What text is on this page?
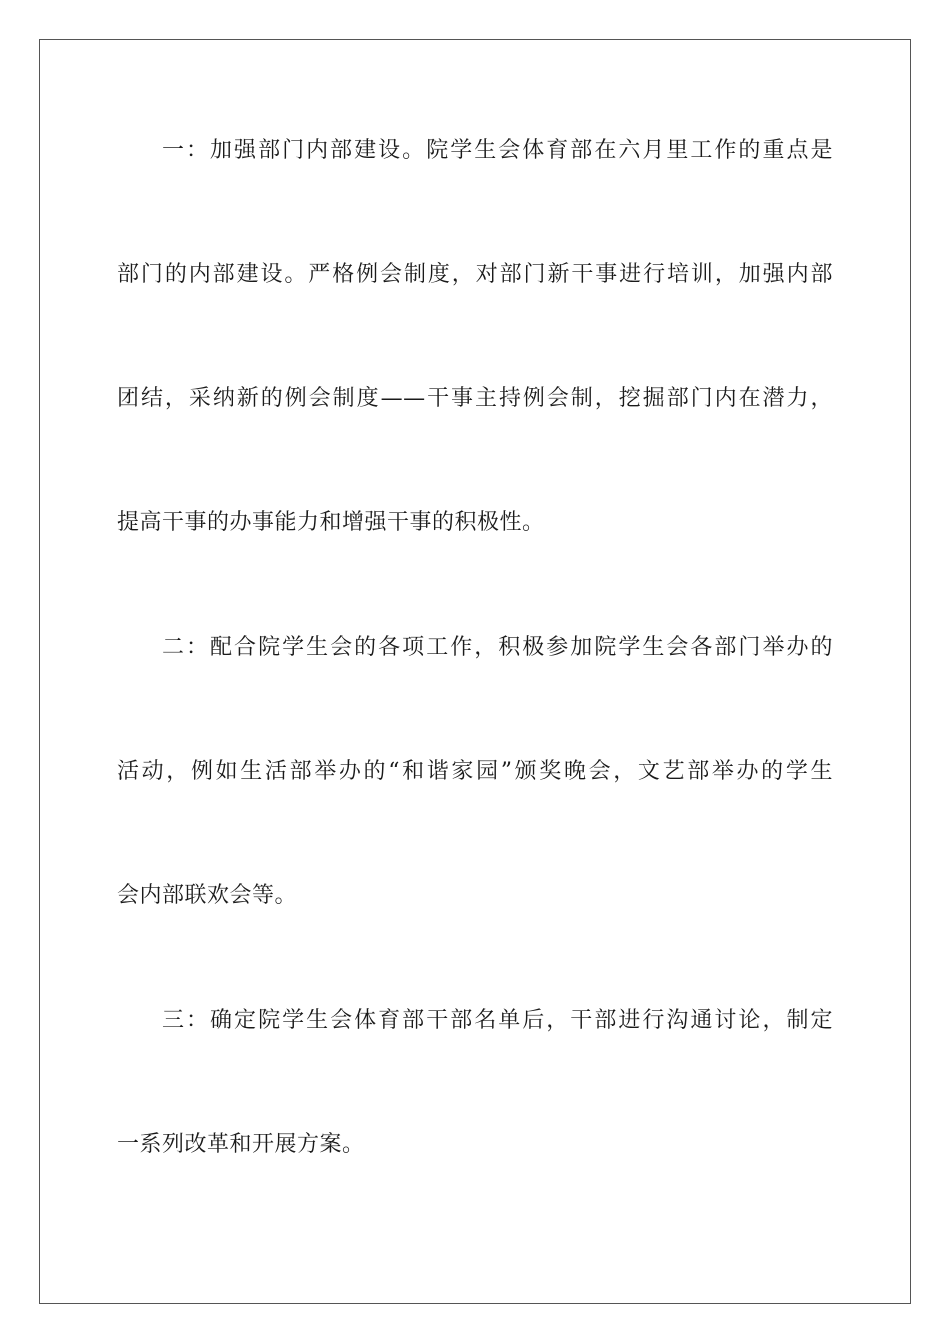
一：加强部门内部建设。院学生会体育部在六月里工作的重点是
部门的内部建设。严格例会制度，对部门新干事进行培训，加强内部
团结，采纳新的例会制度——干事主持例会制，挖掘部门内在潜力，
提高干事的办事能力和增强干事的积极性。
二：配合院学生会的各项工作，积极参加院学生会各部门举办的
活动，例如生活部举办的“和谐家园”颁奖晚会，文艺部举办的学生
会内部联欢会等。
三：确定院学生会体育部干部名单后，干部进行沟通讨论，制定
一系列改革和开展方案。
